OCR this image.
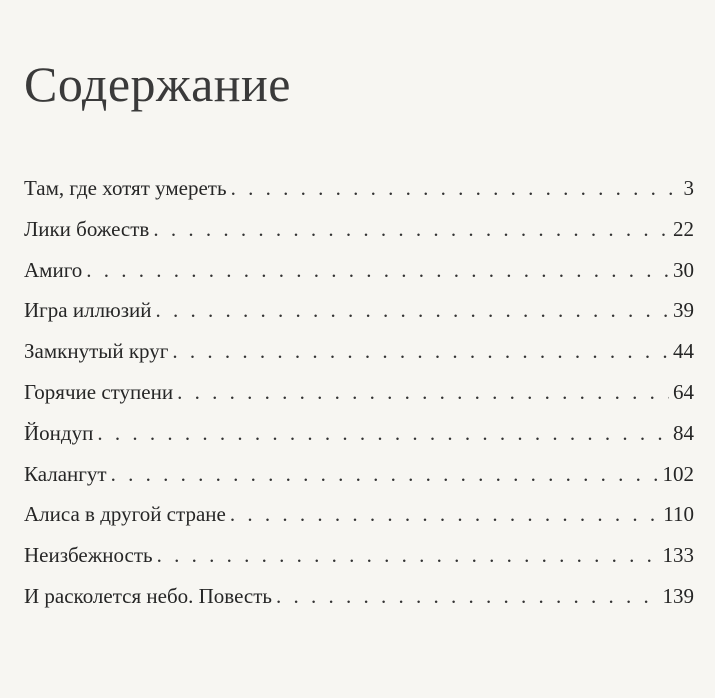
Содержание
Там, где хотят умереть . . .	3
Лики божеств . . .	22
Амиго . . .	30
Игра иллюзий . . .	39
Замкнутый круг . . .	44
Горячие ступени . . .	64
Йондуп . . .	84
Калангут . . .	102
Алиса в другой стране . . .	110
Неизбежность . . .	133
И расколется небо. Повесть . . .	139
